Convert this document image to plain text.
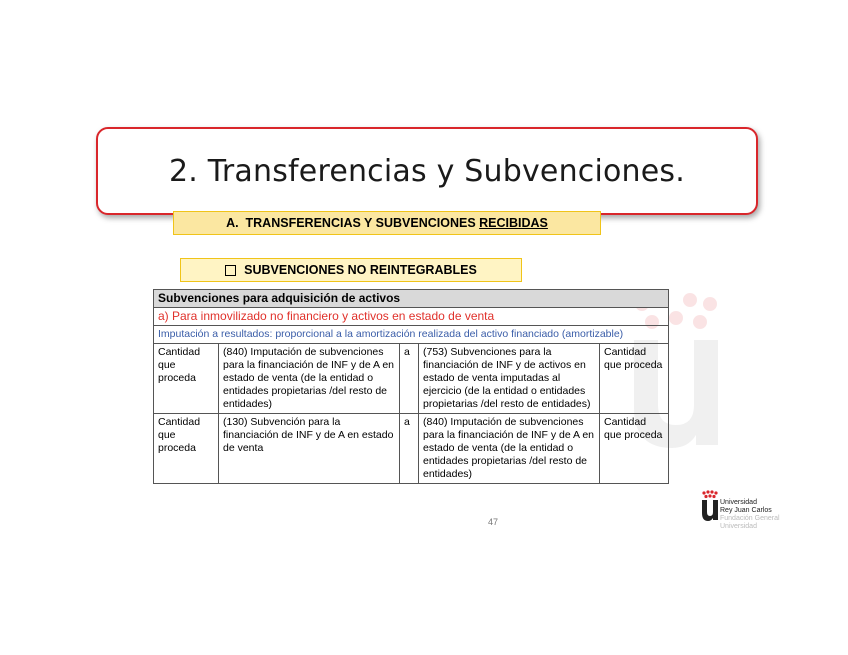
2. Transferencias y Subvenciones.
A.  TRANSFERENCIAS Y SUBVENCIONES RECIBIDAS
SUBVENCIONES NO REINTEGRABLES
Subvenciones para adquisición de activos				
a) Para inmovilizado no financiero y activos en estado de venta				
Imputación a resultados: proporcional a la amortización realizada del activo financiado (amortizable)				
Cantidad que proceda	(840) Imputación de subvenciones para la financiación de INF y de A en estado de venta (de la entidad o entidades propietarias /del resto de entidades)	a	(753) Subvenciones para la financiación de INF y de activos en estado de venta imputadas al ejercicio (de la entidad o entidades propietarias /del resto de entidades)	Cantidad que proceda
Cantidad que proceda	(130) Subvención para la financiación de INF y de A en estado de venta	a	(840) Imputación de subvenciones para la financiación de INF y de A en estado de venta (de la entidad o entidades propietarias /del resto de entidades)	Cantidad que proceda
47
Universidad
Rey Juan Carlos
Fundación General
Universidad
